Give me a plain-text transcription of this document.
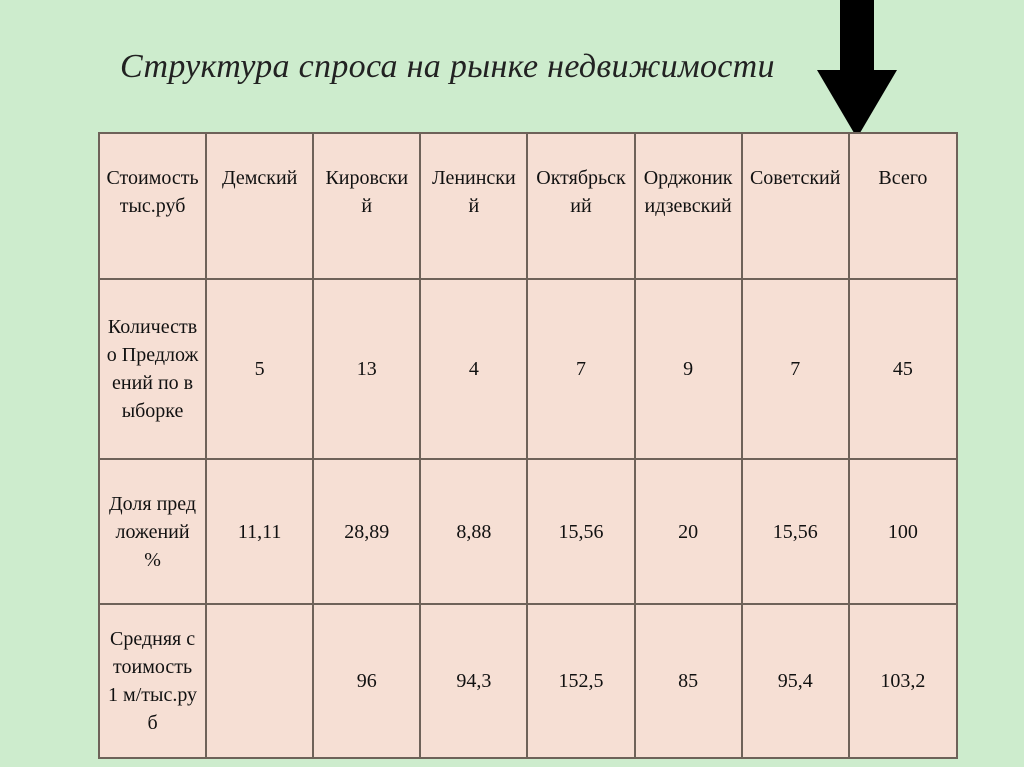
Структура спроса на рынке недвижимости
Стоимость тыс.руб	Демский	Кировский	Ленинский	Октябрьский	Орджоникидзевский	Советский	Всего
Количество Предложений по выборке	5	13	4	7	9	7	45
Доля предложений %	11,11	28,89	8,88	15,56	20	15,56	100
Средняя стоимость 1 м/тыс.руб		96	94,3	152,5	85	95,4	103,2
